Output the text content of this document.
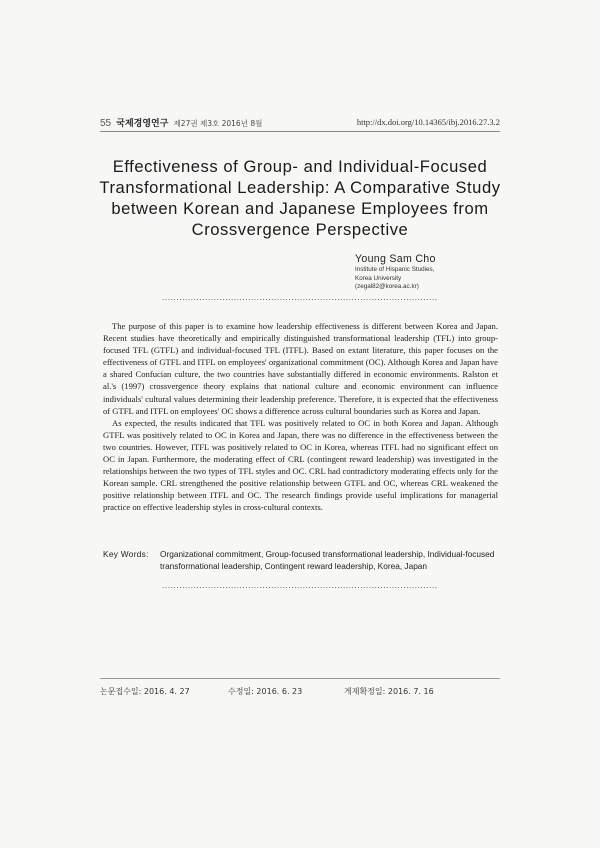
55 국제경영연구 제27권 제3호 2016년 8월	http://dx.doi.org/10.14365/ibj.2016.27.3.2
Effectiveness of Group- and Individual-Focused
Transformational Leadership: A Comparative Study
between Korean and Japanese Employees from
Crossvergence Perspective
Young Sam Cho
Institute of Hispanic Studies,
Korea University
(zegal82@korea.ac.kr)
................................................................................................

The purpose of this paper is to examine how leadership effectiveness is different between Korea and Japan. Recent studies have theoretically and empirically distinguished transformational leadership (TFL) into group-focused TFL (GTFL) and individual-focused TFL (ITFL). Based on extant literature, this paper focuses on the effectiveness of GTFL and ITFL on employees' organizational commitment (OC). Although Korea and Japan have a shared Confucian culture, the two countries have substantially differed in economic environments. Ralston et al.'s (1997) crossvergence theory explains that national culture and economic environment can influence individuals' cultural values determining their leadership preference. Therefore, it is expected that the effectiveness of GTFL and ITFL on employees' OC shows a difference across cultural boundaries such as Korea and Japan.

As expected, the results indicated that TFL was positively related to OC in both Korea and Japan. Although GTFL was positively related to OC in Korea and Japan, there was no difference in the effectiveness between the two countries. However, ITFL was positively related to OC in Korea, whereas ITFL had no significant effect on OC in Japan. Furthermore, the moderating effect of CRL (contingent reward leadership) was investigated in the relationships between the two types of TFL styles and OC. CRL had contradictory moderating effects only for the Korean sample. CRL strengthened the positive relationship between GTFL and OC, whereas CRL weakened the positive relationship between ITFL and OC. The research findings provide useful implications for managerial practice on effective leadership styles in cross-cultural contexts.

Key Words: Organizational commitment, Group-focused transformational leadership, Individual-focused transformational leadership, Contingent reward leadership, Korea, Japan
................................................................................................
논문접수일: 2016. 4. 27	수정일: 2016. 6. 23	게재확정일: 2016. 7. 16
